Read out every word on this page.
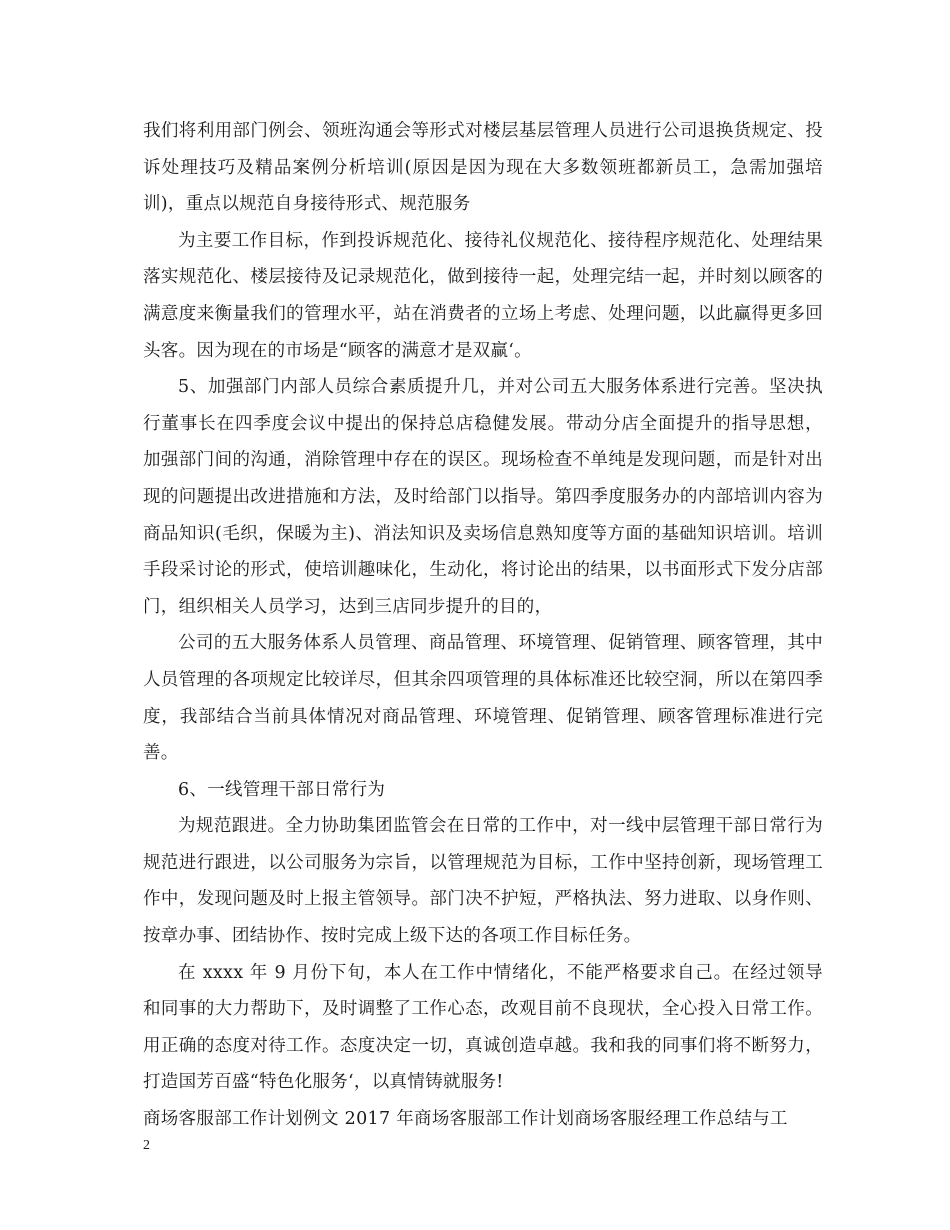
我们将利用部门例会、领班沟通会等形式对楼层基层管理人员进行公司退换货规定、投诉处理技巧及精品案例分析培训(原因是因为现在大多数领班都新员工，急需加强培训)，重点以规范自身接待形式、规范服务

为主要工作目标，作到投诉规范化、接待礼仪规范化、接待程序规范化、处理结果落实规范化、楼层接待及记录规范化，做到接待一起，处理完结一起，并时刻以顾客的满意度来衡量我们的管理水平，站在消费者的立场上考虑、处理问题，以此赢得更多回头客。因为现在的市场是“顾客的满意才是双赢‘。

5、加强部门内部人员综合素质提升几，并对公司五大服务体系进行完善。坚决执行董事长在四季度会议中提出的保持总店稳健发展。带动分店全面提升的指导思想， 加强部门间的沟通，消除管理中存在的误区。现场检查不单纯是发现问题，而是针对出现的问题提出改进措施和方法，及时给部门以指导。第四季度服务办的内部培训内容为商品知识(毛织，保暖为主)、消法知识及卖场信息熟知度等方面的基础知识培训。培训手段采讨论的形式，使培训趣味化，生动化，将讨论出的结果，以书面形式下发分店部门，组织相关人员学习，达到三店同步提升的目的，

公司的五大服务体系人员管理、商品管理、环境管理、促销管理、顾客管理，其中人员管理的各项规定比较详尽，但其余四项管理的具体标准还比较空洞，所以在第四季度，我部结合当前具体情况对商品管理、环境管理、促销管理、顾客管理标准进行完善。

6、一线管理干部日常行为

为规范跟进。全力协助集团监管会在日常的工作中，对一线中层管理干部日常行为规范进行跟进，以公司服务为宗旨，以管理规范为目标，工作中坚持创新，现场管理工作中，发现问题及时上报主管领导。部门决不护短，严格执法、努力进取、以身作则、按章办事、团结协作、按时完成上级下达的各项工作目标任务。

在 xxxx 年 9 月份下旬，本人在工作中情绪化，不能严格要求自己。在经过领导和同事的大力帮助下，及时调整了工作心态，改观目前不良现状，全心投入日常工作。用正确的态度对待工作。态度决定一切，真诚创造卓越。我和我的同事们将不断努力，打造国芳百盛“特色化服务‘，以真情铸就服务!

商场客服部工作计划例文 2017 年商场客服部工作计划商场客服经理工作总结与工

2
